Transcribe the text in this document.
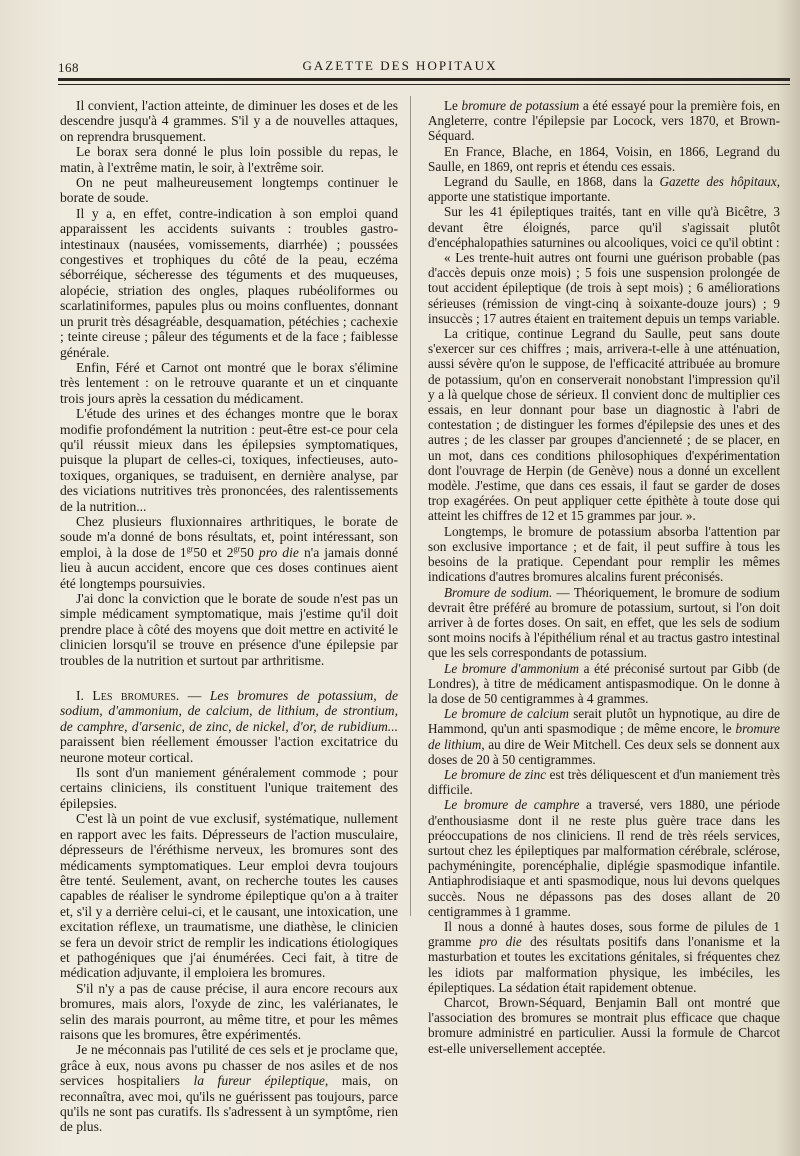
168	GAZETTE DES HOPITAUX

Il convient, l'action atteinte, de diminuer les doses et de les descendre jusqu'à 4 grammes. S'il y a de nouvelles attaques, on reprendra brusquement.

Le borax sera donné le plus loin possible du repas, le matin, à l'extrême matin, le soir, à l'extrême soir.

On ne peut malheureusement longtemps continuer le borate de soude.

Il y a, en effet, contre-indication à son emploi quand apparaissent les accidents suivants : troubles gastro-intestinaux (nausées, vomissements, diarrhée) ; poussées congestives et trophiques du côté de la peau, eczéma séborréique, sécheresse des téguments et des muqueuses, alopécie, striation des ongles, plaques rubéoliformes ou scarlatiniformes, papules plus ou moins confluentes, donnant un prurit très désagréable, desquamation, pétéchies ; cachexie ; teinte cireuse ; pâleur des téguments et de la face ; faiblesse générale.

Enfin, Féré et Carnot ont montré que le borax s'élimine très lentement : on le retrouve quarante et un et cinquante trois jours après la cessation du médicament.

L'étude des urines et des échanges montre que le borax modifie profondément la nutrition : peut-être est-ce pour cela qu'il réussit mieux dans les épilepsies symptomatiques, puisque la plupart de celles-ci, toxiques, infectieuses, auto-toxiques, organiques, se traduisent, en dernière analyse, par des viciations nutritives très prononcées, des ralentissements de la nutrition...

Chez plusieurs fluxionnaires arthritiques, le borate de soude m'a donné de bons résultats, et, point intéressant, son emploi, à la dose de $1^{gr}50$ et $2^{gr}50$ pro die n'a jamais donné lieu à aucun accident, encore que ces doses continues aient été longtemps poursuivies.

J'ai donc la conviction que le borate de soude n'est pas un simple médicament symptomatique, mais j'estime qu'il doit prendre place à côté des moyens que doit mettre en activité le clinicien lorsqu'il se trouve en présence d'une épilepsie par troubles de la nutrition et surtout par arthritisme.

I. Les bromures. — Les bromures de potassium, de sodium, d'ammonium, de calcium, de lithium, de strontium, de camphre, d'arsenic, de zinc, de nickel, d'or, de rubidium... paraissent bien réellement émousser l'action excitatrice du neurone moteur cortical.

Ils sont d'un maniement généralement commode ; pour certains cliniciens, ils constituent l'unique traitement des épilepsies.

C'est là un point de vue exclusif, systématique, nullement en rapport avec les faits. Dépresseurs de l'action musculaire, dépresseurs de l'éréthisme nerveux, les bromures sont des médicaments symptomatiques. Leur emploi devra toujours être tenté. Seulement, avant, on recherche toutes les causes capables de réaliser le syndrome épileptique qu'on a à traiter et, s'il y a derrière celui-ci, et le causant, une intoxication, une excitation réflexe, un traumatisme, une diathèse, le clinicien se fera un devoir strict de remplir les indications étiologiques et pathogéniques que j'ai énumérées. Ceci fait, à titre de médication adjuvante, il emploiera les bromures.

S'il n'y a pas de cause précise, il aura encore recours aux bromures, mais alors, l'oxyde de zinc, les valérianates, le selin des marais pourront, au même titre, et pour les mêmes raisons que les bromures, être expérimentés.

Je ne méconnais pas l'utilité de ces sels et je proclame que, grâce à eux, nous avons pu chasser de nos asiles et de nos services hospitaliers la fureur épileptique, mais, on reconnaîtra, avec moi, qu'ils ne guérissent pas toujours, parce qu'ils ne sont pas curatifs. Ils s'adressent à un symptôme, rien de plus.

Le bromure de potassium a été essayé pour la première fois, en Angleterre, contre l'épilepsie par Locock, vers 1870, et Brown-Séquard.

En France, Blache, en 1864, Voisin, en 1866, Legrand du Saulle, en 1869, ont repris et étendu ces essais.

Legrand du Saulle, en 1868, dans la Gazette des hôpitaux, apporte une statistique importante.

Sur les 41 épileptiques traités, tant en ville qu'à Bicêtre, 3 devant être éloignés, parce qu'il s'agissait plutôt d'encéphalopathies saturnines ou alcooliques, voici ce qu'il obtint :

« Les trente-huit autres ont fourni une guérison probable (pas d'accès depuis onze mois) ; 5 fois une suspension prolongée de tout accident épileptique (de trois à sept mois) ; 6 améliorations sérieuses (rémission de vingt-cinq à soixante-douze jours) ; 9 insuccès ; 17 autres étaient en traitement depuis un temps variable.

La critique, continue Legrand du Saulle, peut sans doute s'exercer sur ces chiffres ; mais, arrivera-t-elle à une atténuation, aussi sévère qu'on le suppose, de l'efficacité attribuée au bromure de potassium, qu'on en conserverait nonobstant l'impression qu'il y a là quelque chose de sérieux. Il convient donc de multiplier ces essais, en leur donnant pour base un diagnostic à l'abri de contestation ; de distinguer les formes d'épilepsie des unes et des autres ; de les classer par groupes d'ancienneté ; de se placer, en un mot, dans ces conditions philosophiques d'expérimentation dont l'ouvrage de Herpin (de Genève) nous a donné un excellent modèle. J'estime, que dans ces essais, il faut se garder de doses trop exagérées. On peut appliquer cette épithète à toute dose qui atteint les chiffres de 12 et 15 grammes par jour. ».

Longtemps, le bromure de potassium absorba l'attention par son exclusive importance ; et de fait, il peut suffire à tous les besoins de la pratique. Cependant pour remplir les mêmes indications d'autres bromures alcalins furent préconisés.

Bromure de sodium. — Théoriquement, le bromure de sodium devrait être préféré au bromure de potassium, surtout, si l'on doit arriver à de fortes doses. On sait, en effet, que les sels de sodium sont moins nocifs à l'épithélium rénal et au tractus gastro intestinal que les sels correspondants de potassium.

Le bromure d'ammonium a été préconisé surtout par Gibb (de Londres), à titre de médicament antispasmodique. On le donne à la dose de 50 centigrammes à 4 grammes.

Le bromure de calcium serait plutôt un hypnotique, au dire de Hammond, qu'un anti spasmodique ; de même encore, le bromure de lithium, au dire de Weir Mitchell. Ces deux sels se donnent aux doses de 20 à 50 centigrammes.

Le bromure de zinc est très déliquescent et d'un maniement très difficile.

Le bromure de camphre a traversé, vers 1880, une période d'enthousiasme dont il ne reste plus guère trace dans les préoccupations de nos cliniciens. Il rend de très réels services, surtout chez les épileptiques par malformation cérébrale, sclérose, pachyméningite, porencéphalie, diplégie spasmodique infantile. Antiaphrodisiaque et anti spasmodique, nous lui devons quelques succès. Nous ne dépassons pas des doses allant de 20 centigrammes à 1 gramme.

Il nous a donné à hautes doses, sous forme de pilules de 1 gramme pro die des résultats positifs dans l'onanisme et la masturbation et toutes les excitations génitales, si fréquentes chez les idiots par malformation physique, les imbéciles, les épileptiques. La sédation était rapidement obtenue.

Charcot, Brown-Séquard, Benjamin Ball ont montré que l'association des bromures se montrait plus efficace que chaque bromure administré en particulier. Aussi la formule de Charcot est-elle universellement acceptée.
